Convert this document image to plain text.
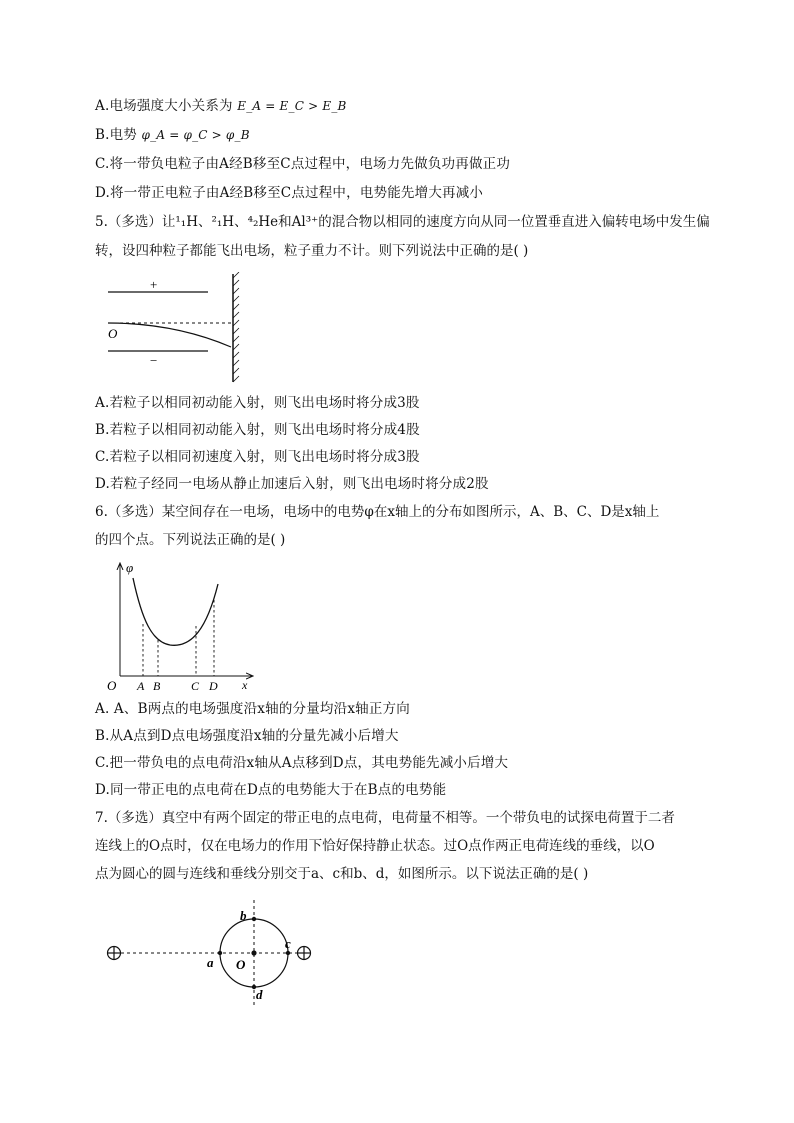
A.电场强度大小关系为 E_A = E_C > E_B
B.电势 φ_A = φ_C > φ_B
C.将一带负电粒子由A经B移至C点过程中，电场力先做负功再做正功
D.将一带正电粒子由A经B移至C点过程中，电势能先增大再减小
5.（多选）让¹₁H、²₁H、⁴₂He和Al³⁺的混合物以相同的速度方向从同一位置垂直进入偏转电场中发生偏
转，设四种粒子都能飞出电场，粒子重力不计。则下列说法中正确的是( )
+
−
O
A.若粒子以相同初动能入射，则飞出电场时将分成3股
B.若粒子以相同初动能入射，则飞出电场时将分成4股
C.若粒子以相同初速度入射，则飞出电场时将分成3股
D.若粒子经同一电场从静止加速后入射，则飞出电场时将分成2股
6.（多选）某空间存在一电场，电场中的电势φ在x轴上的分布如图所示，A、B、C、D是x轴上
的四个点。下列说法正确的是( )
φ
x
O A B	C D
A. A、B两点的电场强度沿x轴的分量均沿x轴正方向
B.从A点到D点电场强度沿x轴的分量先减小后增大
C.把一带负电的点电荷沿x轴从A点移到D点，其电势能先减小后增大
D.同一带正电的点电荷在D点的电势能大于在B点的电势能
7.（多选）真空中有两个固定的带正电的点电荷，电荷量不相等。一个带负电的试探电荷置于二者
连线上的O点时，仅在电场力的作用下恰好保持静止状态。过O点作两正电荷连线的垂线，以O
点为圆心的圆与连线和垂线分别交于a、c和b、d，如图所示。以下说法正确的是( )
a
b
c
d
O
